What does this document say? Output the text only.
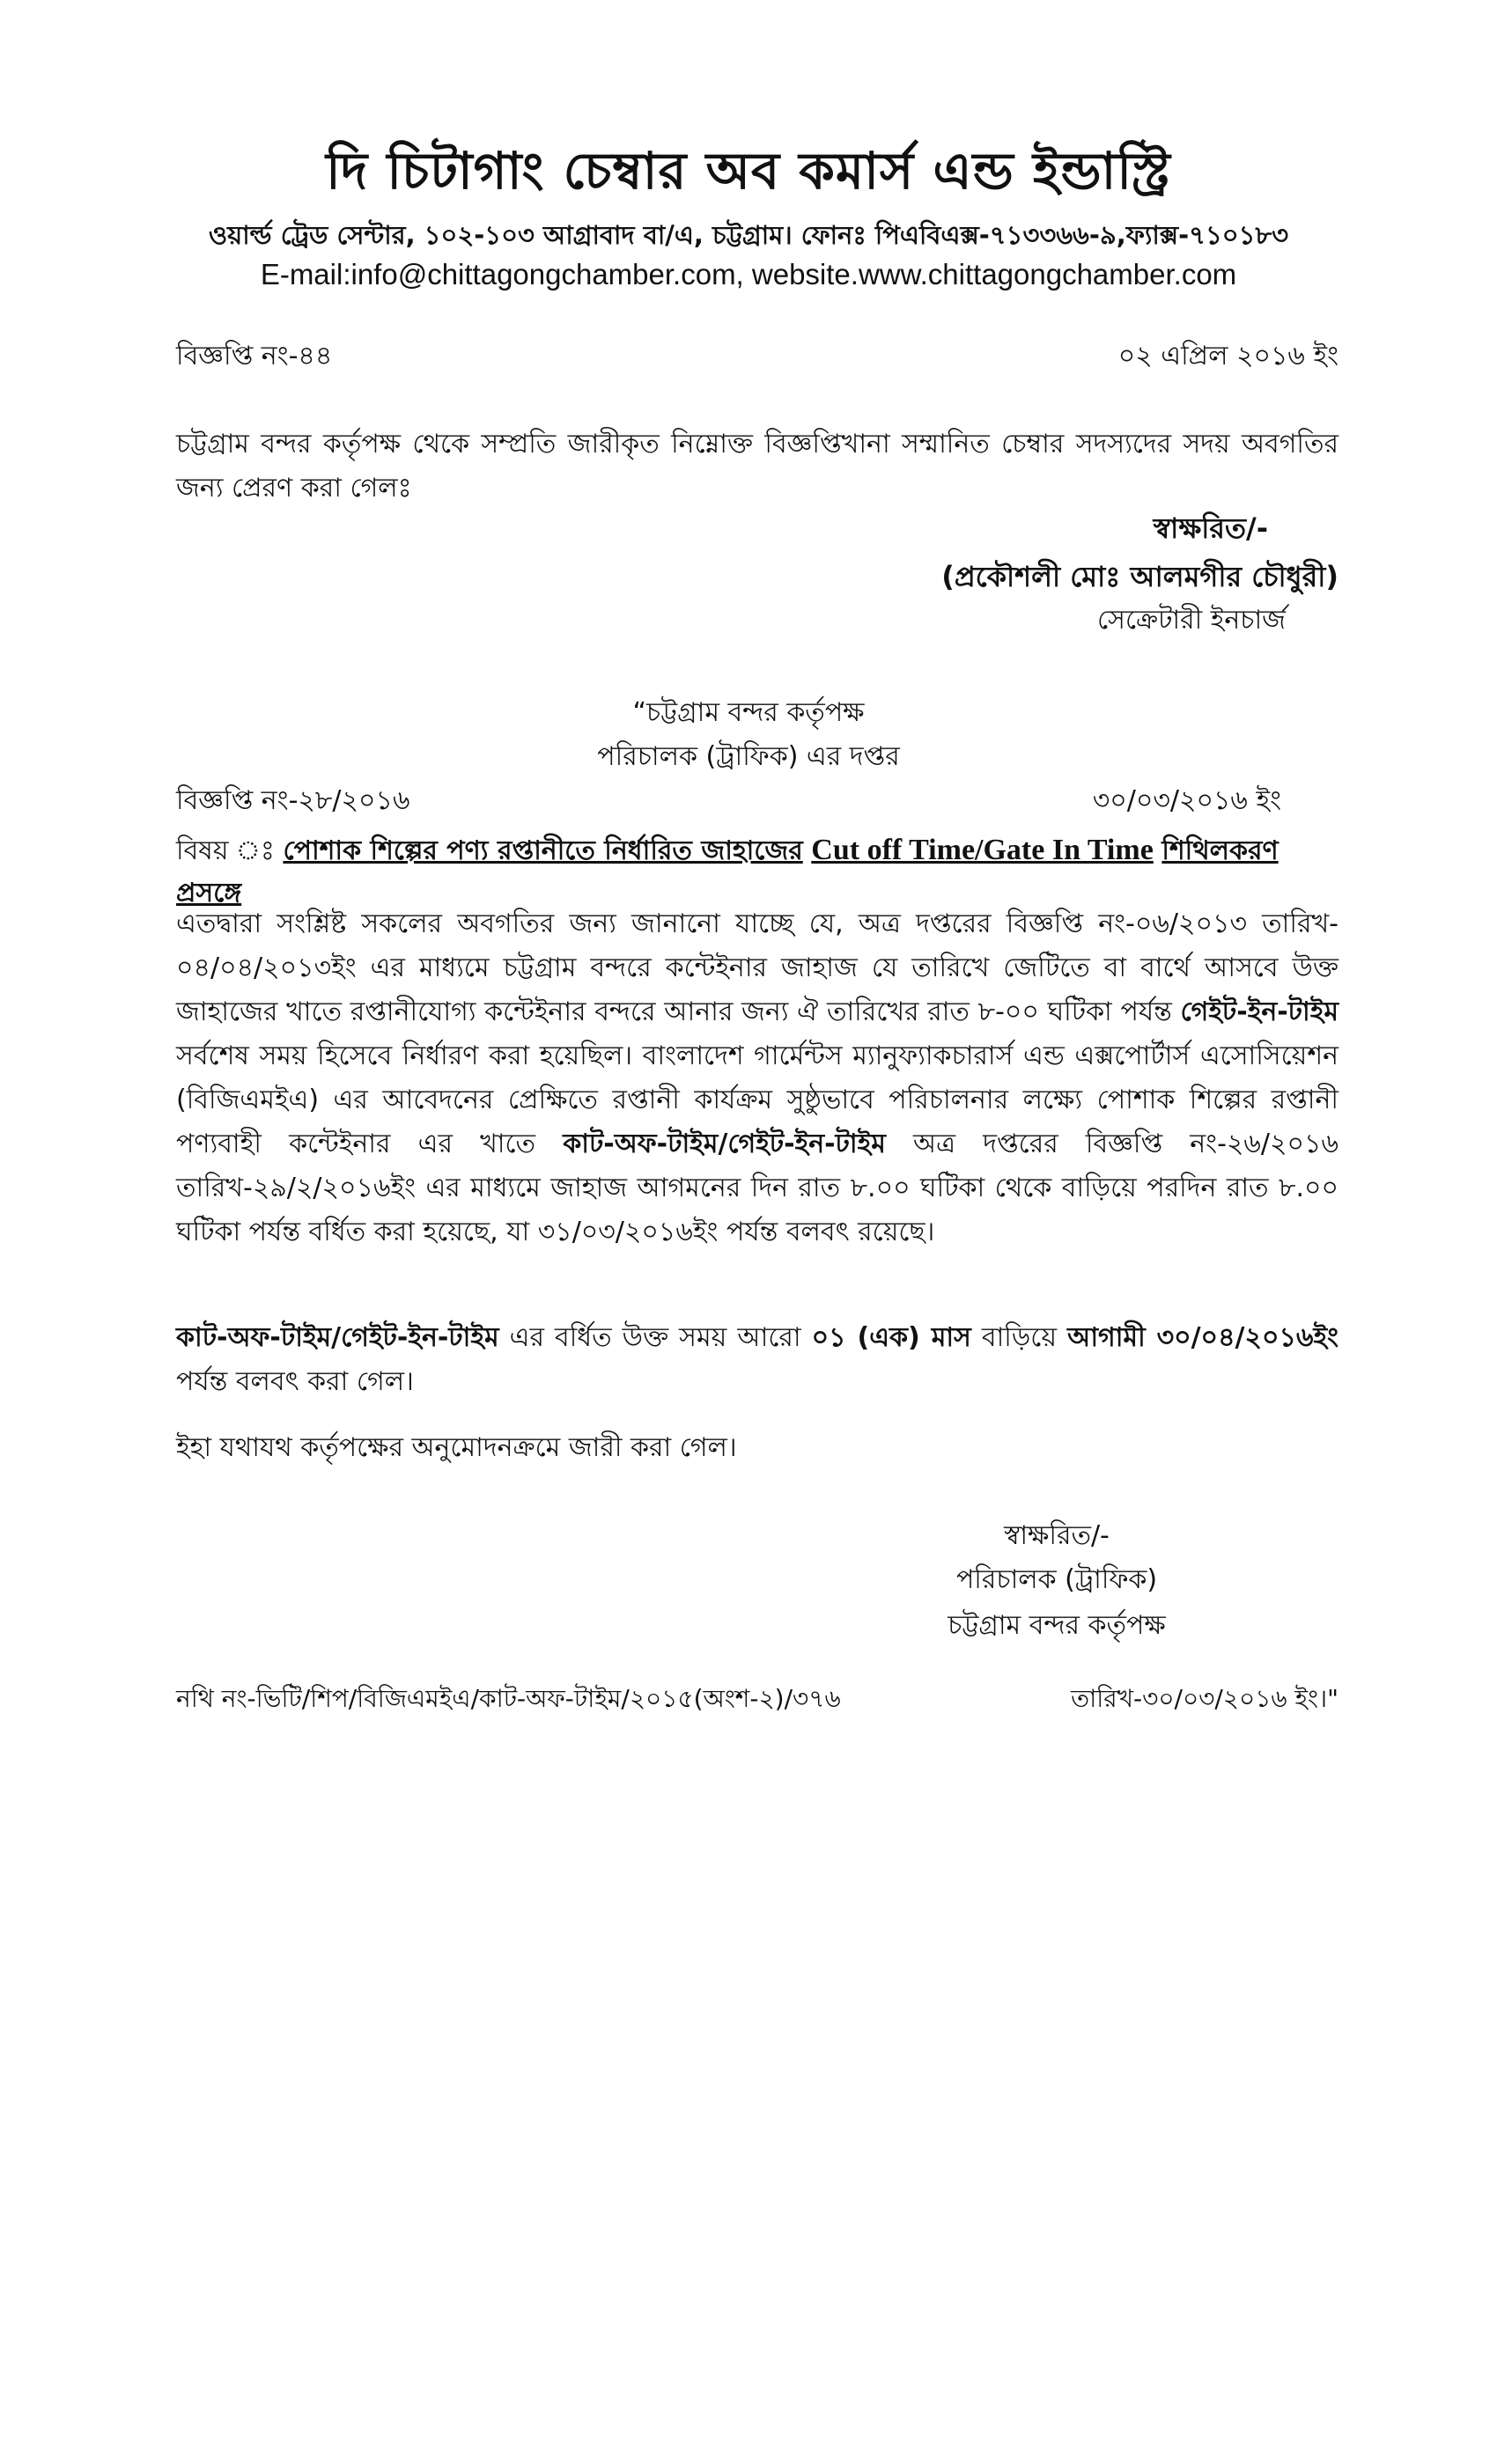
দি চিটাগাং চেম্বার অব কমার্স এন্ড ইন্ডাস্ট্রি
ওয়ার্ল্ড ট্রেড সেন্টার, ১০২-১০৩ আগ্রাবাদ বা/এ, চট্টগ্রাম। ফোনঃ পিএবিএক্স-৭১৩৩৬৬-৯,ফ্যাক্স-৭১০১৮৩
E-mail:info@chittagongchamber.com, website.www.chittagongchamber.com
বিজ্ঞপ্তি নং-৪৪	০২ এপ্রিল ২০১৬ ইং
চট্টগ্রাম বন্দর কর্তৃপক্ষ থেকে সম্প্রতি জারীকৃত নিম্নোক্ত বিজ্ঞপ্তিখানা সম্মানিত চেম্বার সদস্যদের সদয় অবগতির জন্য প্রেরণ করা গেলঃ
স্বাক্ষরিত/-
(প্রকৌশলী মোঃ আলমগীর চৌধুরী)
সেক্রেটারী ইনচার্জ
“চট্টগ্রাম বন্দর কর্তৃপক্ষ
পরিচালক (ট্রাফিক) এর দপ্তর
বিজ্ঞপ্তি নং-২৮/২০১৬	৩০/০৩/২০১৬ ইং
বিষয় ঃ পোশাক শিল্পের পণ্য রপ্তানীতে নির্ধারিত জাহাজের Cut off Time/Gate In Time শিথিলকরণ প্রসঙ্গে
এতদ্বারা সংশ্লিষ্ট সকলের অবগতির জন্য জানানো যাচ্ছে যে, অত্র দপ্তরের বিজ্ঞপ্তি নং-০৬/২০১৩ তারিখ- ০৪/০৪/২০১৩ইং এর মাধ্যমে চট্টগ্রাম বন্দরে কন্টেইনার জাহাজ যে তারিখে জেটিতে বা বার্থে আসবে উক্ত জাহাজের খাতে রপ্তানীযোগ্য কন্টেইনার বন্দরে আনার জন্য ঐ তারিখের রাত ৮-০০ ঘটিকা পর্যন্ত গেইট-ইন-টাইম সর্বশেষ সময় হিসেবে নির্ধারণ করা হয়েছিল। বাংলাদেশ গার্মেন্টস ম্যানুফ্যাকচারার্স এন্ড এক্সপোর্টার্স এসোসিয়েশন (বিজিএমইএ) এর আবেদনের প্রেক্ষিতে রপ্তানী কার্যক্রম সুষ্ঠুভাবে পরিচালনার লক্ষ্যে পোশাক শিল্পের রপ্তানী পণ্যবাহী কন্টেইনার এর খাতে কাট-অফ-টাইম/গেইট-ইন-টাইম অত্র দপ্তরের বিজ্ঞপ্তি নং-২৬/২০১৬ তারিখ-২৯/২/২০১৬ইং এর মাধ্যমে জাহাজ আগমনের দিন রাত ৮.০০ ঘটিকা থেকে বাড়িয়ে পরদিন রাত ৮.০০ ঘটিকা পর্যন্ত বর্ধিত করা হয়েছে, যা ৩১/০৩/২০১৬ইং পর্যন্ত বলবৎ রয়েছে।
কাট-অফ-টাইম/গেইট-ইন-টাইম এর বর্ধিত উক্ত সময় আরো ০১ (এক) মাস বাড়িয়ে আগামী ৩০/০৪/২০১৬ইং পর্যন্ত বলবৎ করা গেল।
ইহা যথাযথ কর্তৃপক্ষের অনুমোদনক্রমে জারী করা গেল।
স্বাক্ষরিত/-
পরিচালক (ট্রাফিক)
চট্টগ্রাম বন্দর কর্তৃপক্ষ
নথি নং-ভিটি/শিপ/বিজিএমইএ/কাট-অফ-টাইম/২০১৫(অংশ-২)/৩৭৬	তারিখ-৩০/০৩/২০১৬ ইং।"
